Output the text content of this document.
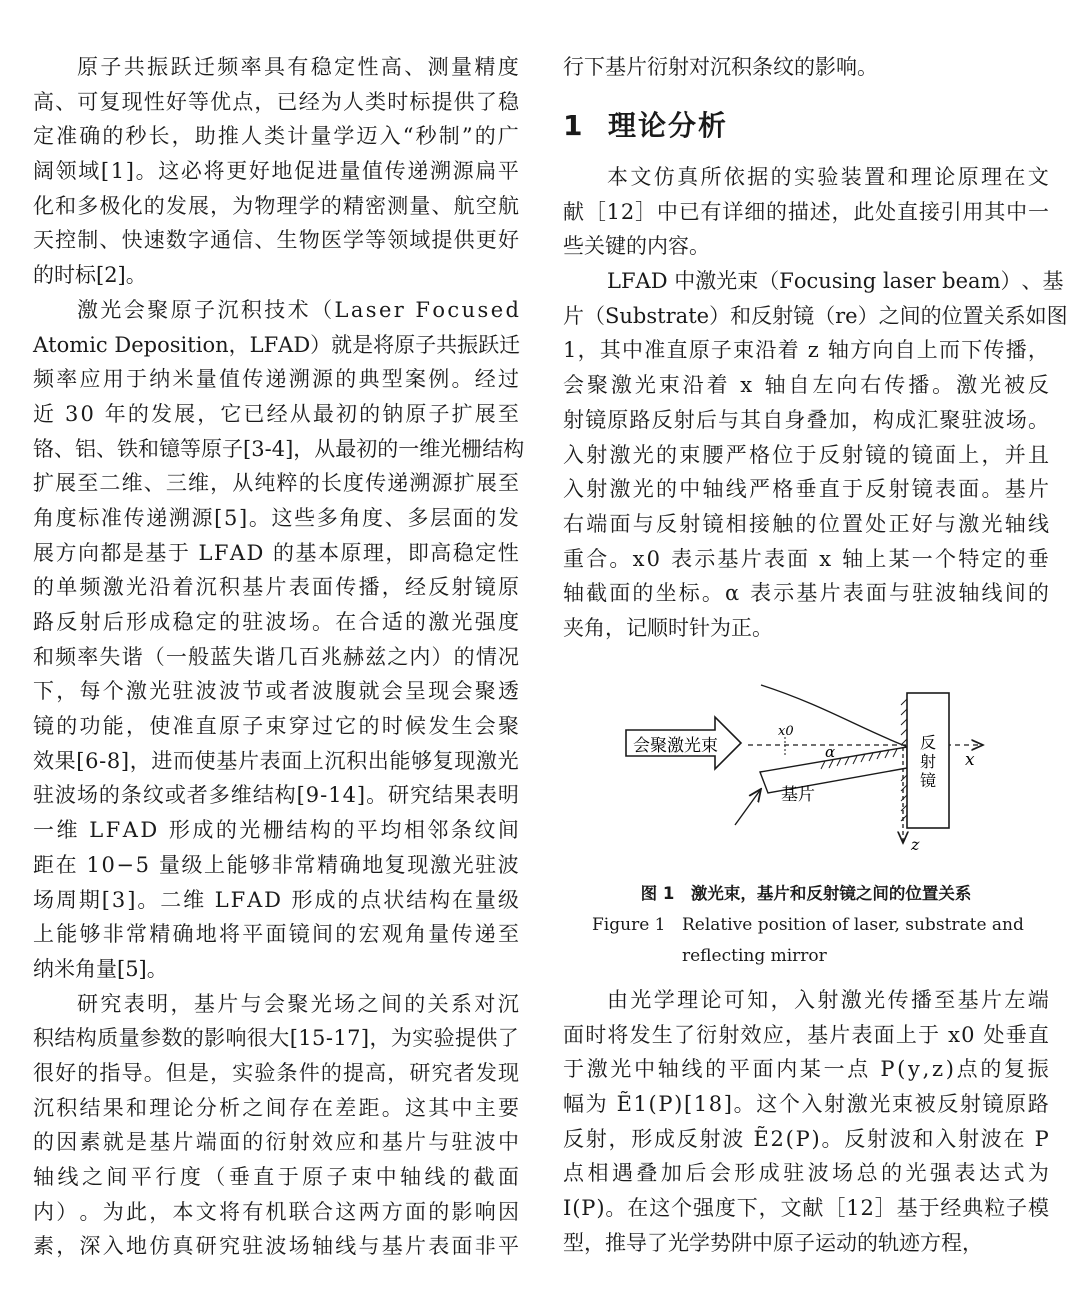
原 子 共 振 跃 迁 频 率 具 有 稳 定 性 高 、 测 量 精 度
高 、 可 复 现 性 好 等 优 点 ， 已 经 为 人 类 时 标 提 供 了 稳
定 准 确 的 秒 长 ， 助 推 人 类 计 量 学 迈 入 “ 秒 制 ” 的 广
阔 领 域 [ 1 ] 。 这 必 将 更 好 地 促 进 量 值 传 递 溯 源 扁 平
化 和 多 极 化 的 发 展 ， 为 物 理 学 的 精 密 测 量 、 航 空 航
天 控 制 、 快 速 数 字 通 信 、 生 物 医 学 等 领 域 提 供 更 好
的时标[2]。
激 光 会 聚 原 子 沉 积 技 术 （ L a s e r
F o c u s e d
A t o m i c
D e p o s i t i o n ， L F A D ） 就 是 将 原 子 共 振 跃 迁
频 率 应 用 于 纳 米 量 值 传 递 溯 源 的 典 型 案 例 。 经 过
近
3 0
年 的 发 展 ， 它 已 经 从 最 初 的 钠 原 子 扩 展 至
铬 、 铝 、 铁 和 镱 等 原 子 [ 3 - 4 ] ， 从 最 初 的 一 维 光 栅 结 构
扩 展 至 二 维 、 三 维 ， 从 纯 粹 的 长 度 传 递 溯 源 扩 展 至
角 度 标 准 传 递 溯 源 [ 5 ] 。 这 些 多 角 度 、 多 层 面 的 发
展 方 向 都 是 基 于
L F A D
的 基 本 原 理 ， 即 高 稳 定 性
的 单 频 激 光 沿 着 沉 积 基 片 表 面 传 播 ， 经 反 射 镜 原
路 反 射 后 形 成 稳 定 的 驻 波 场 。 在 合 适 的 激 光 强 度
和 频 率 失 谐 （ 一 般 蓝 失 谐 几 百 兆 赫 兹 之 内 ） 的 情 况
下 ， 每 个 激 光 驻 波 波 节 或 者 波 腹 就 会 呈 现 会 聚 透
镜 的 功 能 ， 使 准 直 原 子 束 穿 过 它 的 时 候 发 生 会 聚
效 果 [ 6 - 8 ] ， 进 而 使 基 片 表 面 上 沉 积 出 能 够 复 现 激 光
驻 波 场 的 条 纹 或 者 多 维 结 构 [ 9 - 1 4 ] 。 研 究 结 果 表 明
一 维
L F A D
形 成 的 光 栅 结 构 的 平 均 相 邻 条 纹 间
距 在
1 0 − 5
量 级 上 能 够 非 常 精 确 地 复 现 激 光 驻 波
场 周 期 [ 3 ] 。 二 维
L F A D
形 成 的 点 状 结 构 在 量 级
上 能 够 非 常 精 确 地 将 平 面 镜 间 的 宏 观 角 量 传 递 至
纳米角量[5]。
研 究 表 明 ， 基 片 与 会 聚 光 场 之 间 的 关 系 对 沉
积 结 构 质 量 参 数 的 影 响 很 大 [ 1 5 - 1 7 ] ， 为 实 验 提 供 了
很 好 的 指 导 。 但 是 ， 实 验 条 件 的 提 高 ， 研 究 者 发 现
沉 积 结 果 和 理 论 分 析 之 间 存 在 差 距 。 这 其 中 主 要
的 因 素 就 是 基 片 端 面 的 衍 射 效 应 和 基 片 与 驻 波 中
轴 线 之 间 平 行 度 （ 垂 直 于 原 子 束 中 轴 线 的 截 面
内 ） 。 为 此 ， 本 文 将 有 机 联 合 这 两 方 面 的 影 响 因
素 ， 深 入 地 仿 真 研 究 驻 波 场 轴 线 与 基 片 表 面 非 平
行下基片衍射对沉积条纹的影响。
1 理论分析
本 文 仿 真 所 依 据 的 实 验 装 置 和 理 论 原 理 在 文
献 ［ 1 2 ］ 中 已 有 详 细 的 描 述 ， 此 处 直 接 引 用 其 中 一
些关键的内容。
L F A D
中 激 光 束 （ F o c u s i n g
l a s e r
b e a m ） 、 基
片 （ S u b s t r a t e ） 和 反 射 镜 （ r e ） 之 间 的 位 置 关 系 如 图
1 ， 其 中 准 直 原 子 束 沿 着
z
轴 方 向 自 上 而 下 传 播 ，
会 聚 激 光 束 沿 着
x
轴 自 左 向 右 传 播 。 激 光 被 反
射 镜 原 路 反 射 后 与 其 自 身 叠 加 ， 构 成 汇 聚 驻 波 场 。
入 射 激 光 的 束 腰 严 格 位 于 反 射 镜 的 镜 面 上 ， 并 且
入 射 激 光 的 中 轴 线 严 格 垂 直 于 反 射 镜 表 面 。 基 片
右 端 面 与 反 射 镜 相 接 触 的 位 置 处 正 好 与 激 光 轴 线
重 合 。 x 0
表 示 基 片 表 面
x
轴 上 某 一 个 特 定 的 垂
轴 截 面 的 坐 标 。 α
表 示 基 片 表 面 与 驻 波 轴 线 间 的
夹角，记顺时针为正。
会聚激光束
x0
x
α
基片
反
射
镜
z
图 1　激光束，基片和反射镜之间的位置关系
Figure 1 Relative position of laser, substrate and reflecting mirror
由 光 学 理 论 可 知 ， 入 射 激 光 传 播 至 基 片 左 端
面 时 将 发 生 了 衍 射 效 应 ， 基 片 表 面 上 于
x 0
处 垂 直
于 激 光 中 轴 线 的 平 面 内 某 一 点
P ( y , z ) 点 的 复 振
幅 为
Ẽ 1 ( P ) [ 1 8 ] 。 这 个 入 射 激 光 束 被 反 射 镜 原 路
反 射 ， 形 成 反 射 波
Ẽ 2 ( P ) 。 反 射 波 和 入 射 波 在
P
点 相 遇 叠 加 后 会 形 成 驻 波 场 总 的 光 强 表 达 式 为
I ( P ) 。 在 这 个 强 度 下 ， 文 献 ［ 1 2 ］ 基 于 经 典 粒 子 模
型，推导了光学势阱中原子运动的轨迹方程，
